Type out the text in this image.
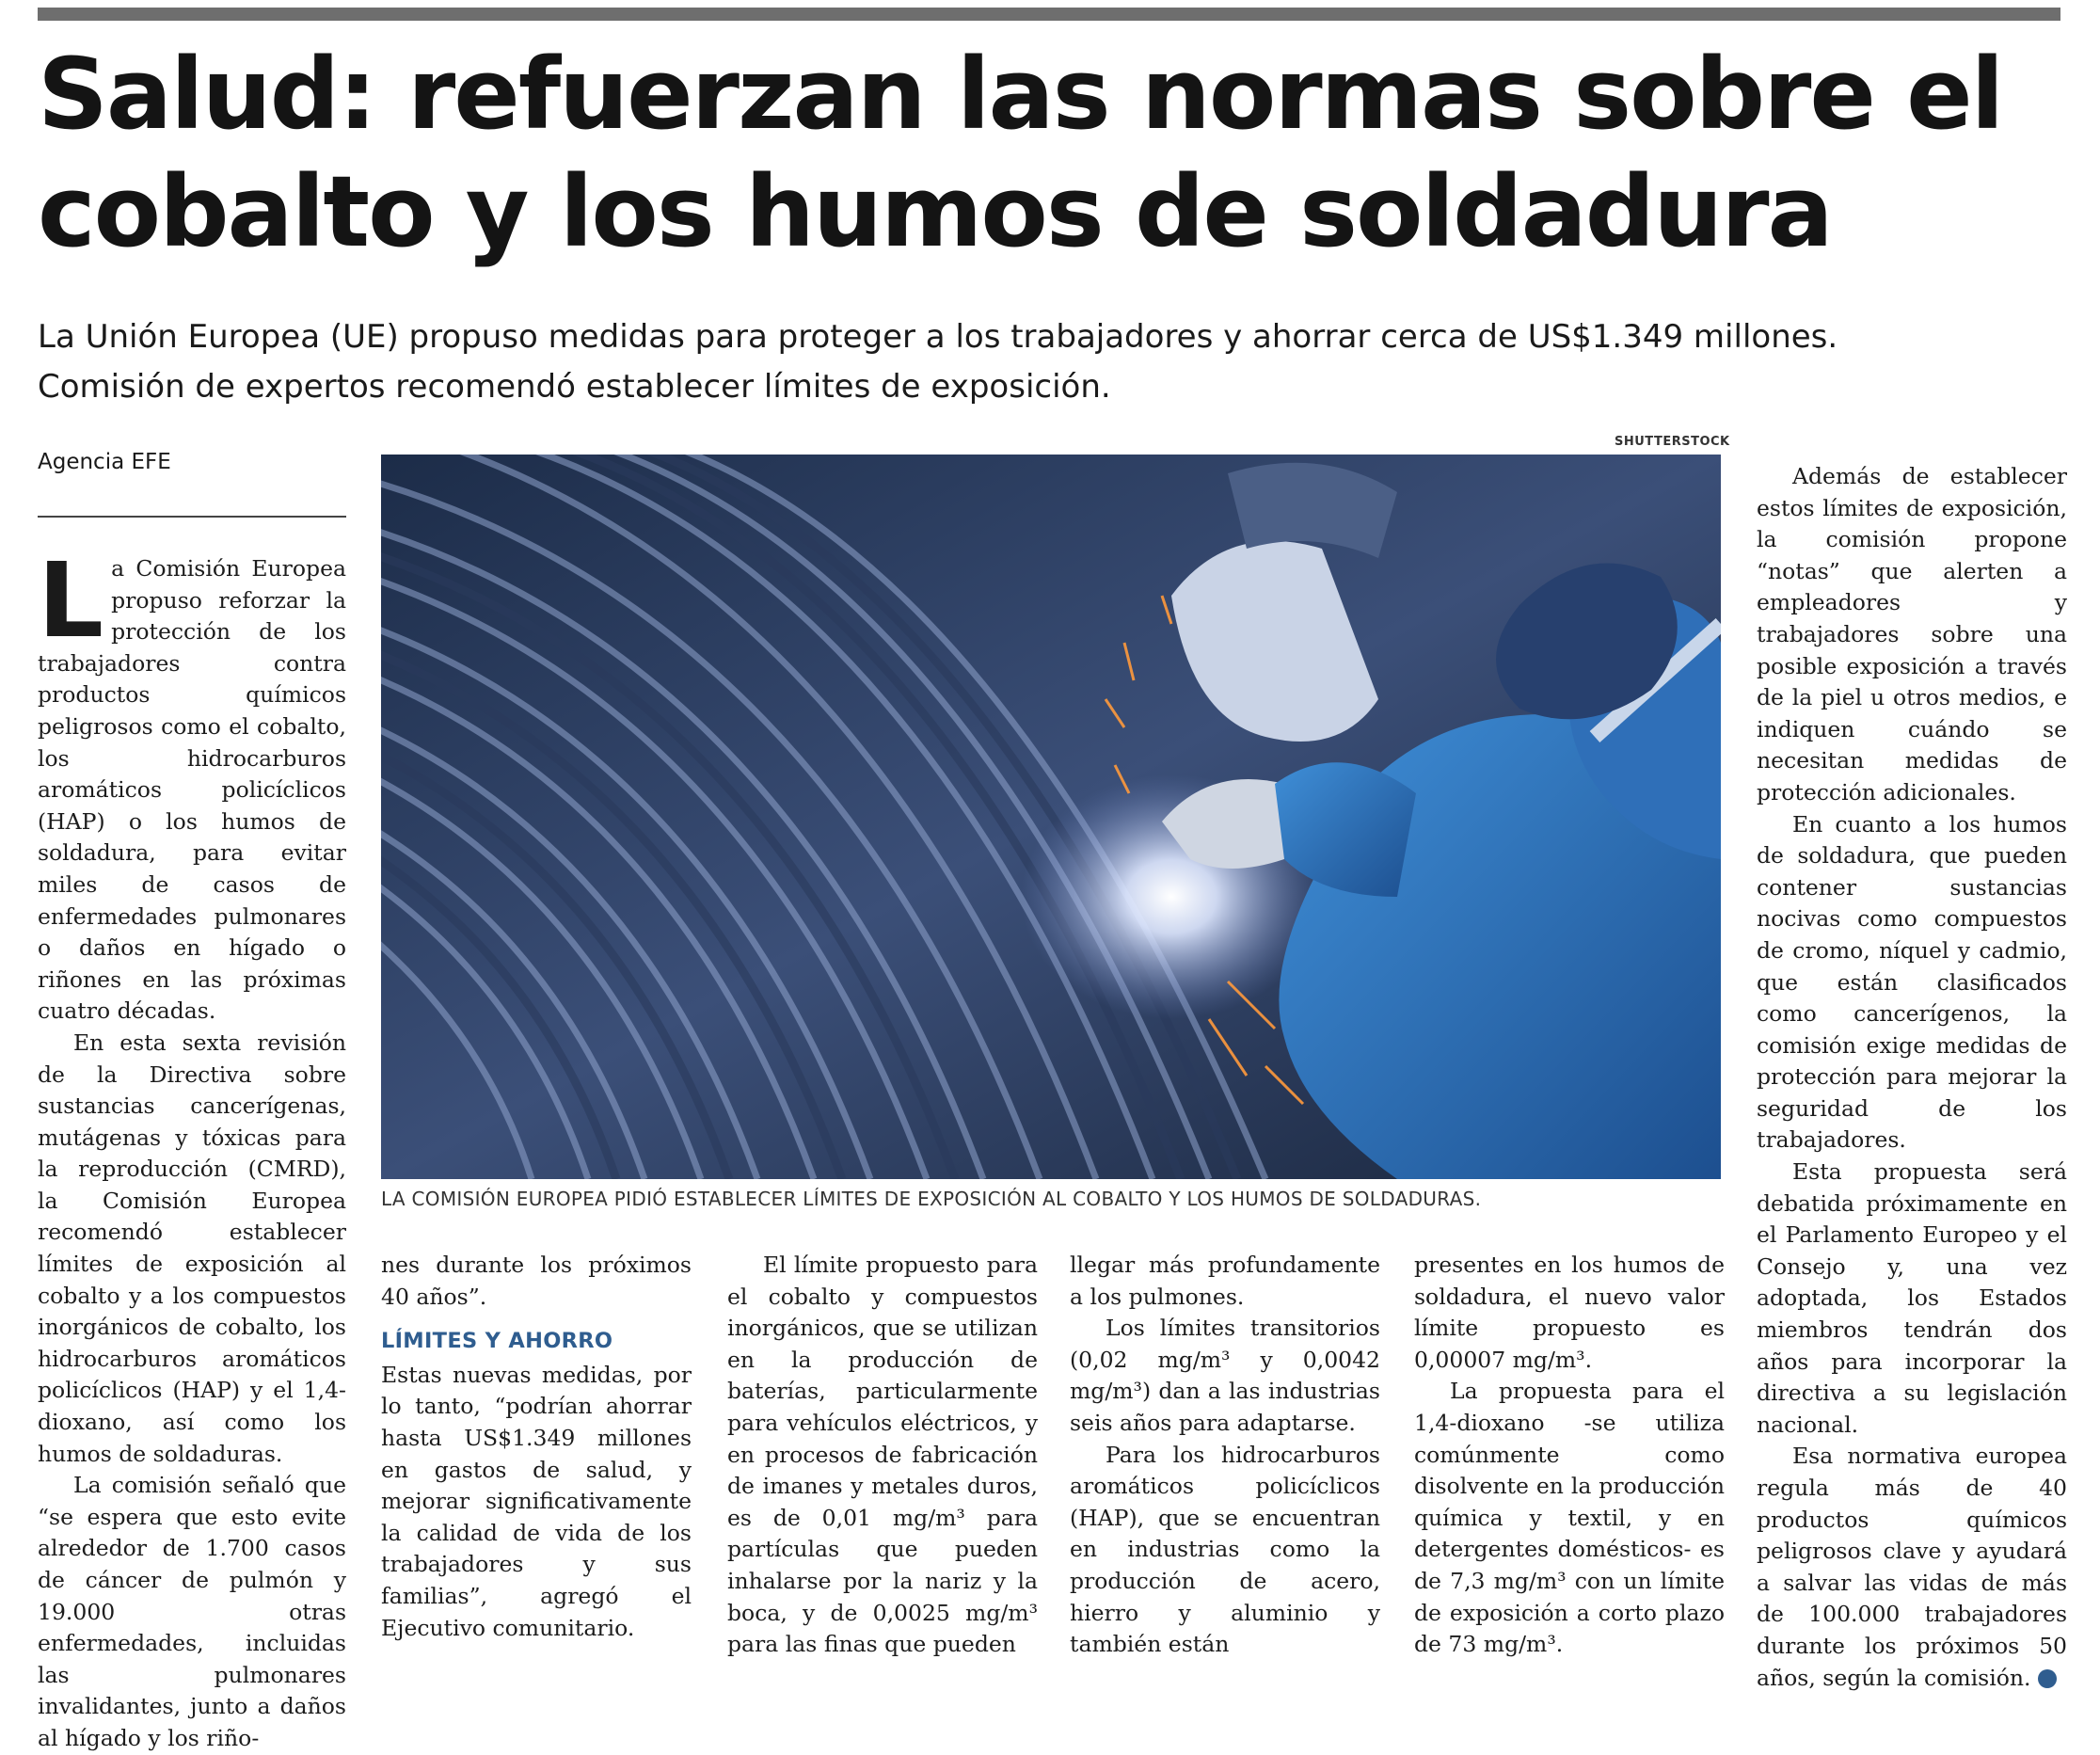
Salud: refuerzan las normas sobre el
cobalto y los humos de soldadura
La Unión Europea (UE) propuso medidas para proteger a los trabajadores y ahorrar cerca de US$1.349 millones.
Comisión de expertos recomendó establecer límites de exposición.
Agencia EFE

La Comisión Europea propuso reforzar la protección de los trabajadores contra productos químicos peligrosos como el cobalto, los hidrocarburos aromáticos policíclicos (HAP) o los humos de soldadura, para evitar miles de casos de enfermedades pulmonares o daños en hígado o riñones en las próximas cuatro décadas.

En esta sexta revisión de la Directiva sobre sustancias cancerígenas, mutágenas y tóxicas para la reproducción (CMRD), la Comisión Europea recomendó establecer límites de exposición al cobalto y a los compuestos inorgánicos de cobalto, los hidrocarburos aromáticos policíclicos (HAP) y el 1,4-dioxano, así como los humos de soldaduras.

La comisión señaló que “se espera que esto evite alrededor de 1.700 casos de cáncer de pulmón y 19.000 otras enfermedades, incluidas las pulmonares invalidantes, junto a daños al hígado y los riño-

SHUTTERSTOCK
LA COMISIÓN EUROPEA PIDIÓ ESTABLECER LÍMITES DE EXPOSICIÓN AL COBALTO Y LOS HUMOS DE SOLDADURAS.

nes durante los próximos 40 años”.

LÍMITES Y AHORRO

Estas nuevas medidas, por lo tanto, “podrían ahorrar hasta US$1.349 millones en gastos de salud, y mejorar significativamente la calidad de vida de los trabajadores y sus familias”, agregó el Ejecutivo comunitario.

El límite propuesto para el cobalto y compuestos inorgánicos, que se utilizan en la producción de baterías, particularmente para vehículos eléctricos, y en procesos de fabricación de imanes y metales duros, es de 0,01 mg/m³ para partículas que pueden inhalarse por la nariz y la boca, y de 0,0025 mg/m³ para las finas que pueden

llegar más profundamente a los pulmones.

Los límites transitorios (0,02 mg/m³ y 0,0042 mg/m³) dan a las industrias seis años para adaptarse.

Para los hidrocarburos aromáticos policíclicos (HAP), que se encuentran en industrias como la producción de acero, hierro y aluminio y también están

presentes en los humos de soldadura, el nuevo valor límite propuesto es 0,00007 mg/m³.

La propuesta para el 1,4-dioxano -se utiliza comúnmente como disolvente en la producción química y textil, y en detergentes domésticos- es de 7,3 mg/m³ con un límite de exposición a corto plazo de 73 mg/m³.

Además de establecer estos límites de exposición, la comisión propone “notas” que alerten a empleadores y trabajadores sobre una posible exposición a través de la piel u otros medios, e indiquen cuándo se necesitan medidas de protección adicionales.

En cuanto a los humos de soldadura, que pueden contener sustancias nocivas como compuestos de cromo, níquel y cadmio, que están clasificados como cancerígenos, la comisión exige medidas de protección para mejorar la seguridad de los trabajadores.

Esta propuesta será debatida próximamente en el Parlamento Europeo y el Consejo y, una vez adoptada, los Estados miembros tendrán dos años para incorporar la directiva a su legislación nacional.

Esa normativa europea regula más de 40 productos químicos peligrosos clave y ayudará a salvar las vidas de más de 100.000 trabajadores durante los próximos 50 años, según la comisión.	✪
